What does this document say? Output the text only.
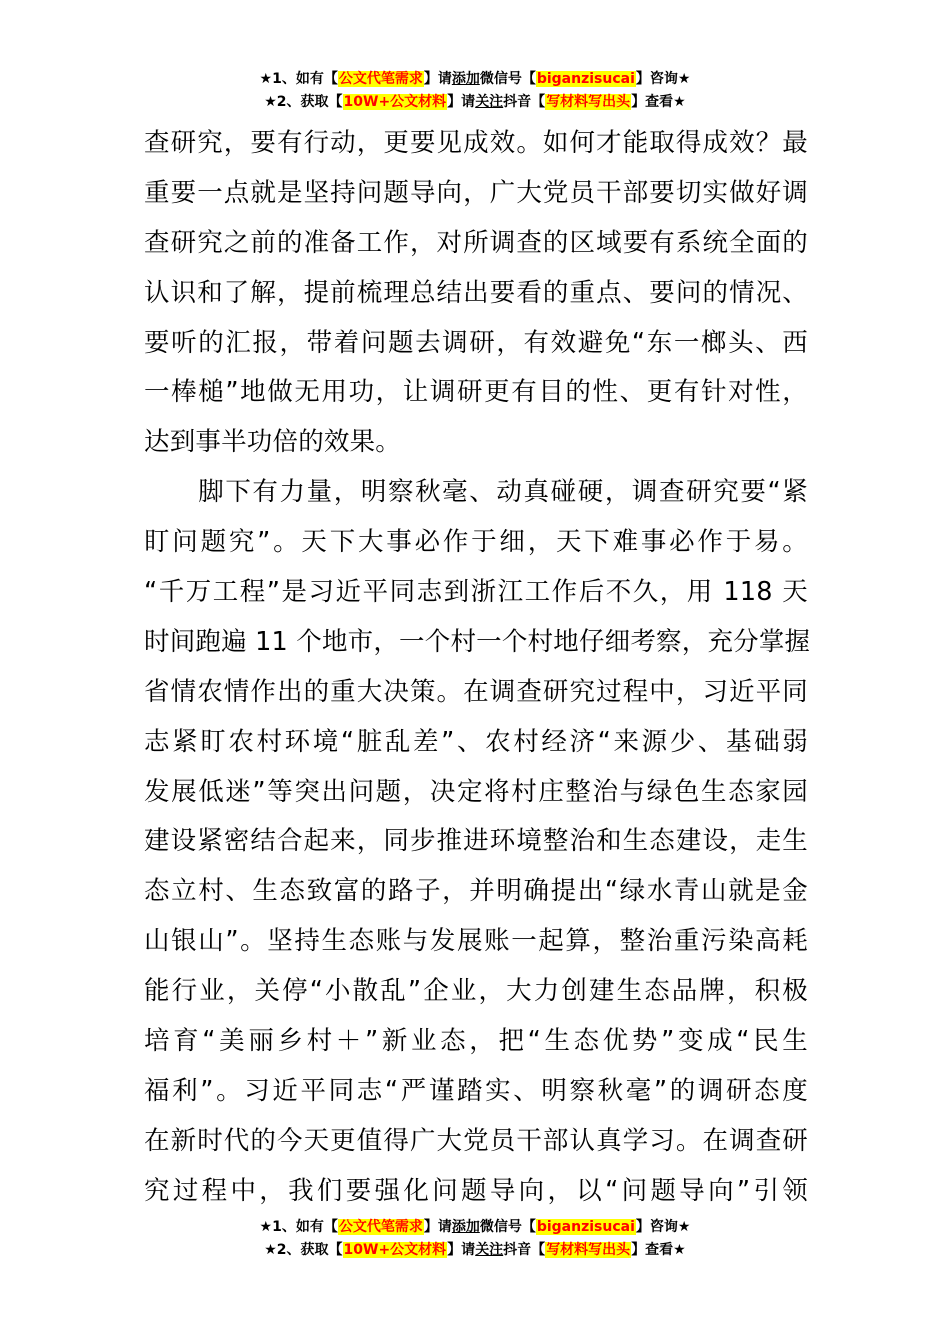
★1、如有【公文代笔需求】请添加微信号【biganzisucai】咨询★
★2、获取【10W+公文材料】请关注抖音【写材料写出头】查看★
查研究，要有行动，更要见成效。如何才能取得成效？最
重要一点就是坚持问题导向，广大党员干部要切实做好调
查研究之前的准备工作，对所调查的区域要有系统全面的
认识和了解，提前梳理总结出要看的重点、要问的情况、
要听的汇报，带着问题去调研，有效避免“东一榔头、西
一棒槌”地做无用功，让调研更有目的性、更有针对性，
达到事半功倍的效果。
　　脚下有力量，明察秋毫、动真碰硬，调查研究要“紧
盯问题究”。天下大事必作于细，天下难事必作于易。
“千万工程”是习近平同志到浙江工作后不久，用 118 天
时间跑遍 11 个地市，一个村一个村地仔细考察，充分掌握
省情农情作出的重大决策。在调查研究过程中，习近平同
志紧盯农村环境“脏乱差”、农村经济“来源少、基础弱
发展低迷”等突出问题，决定将村庄整治与绿色生态家园
建设紧密结合起来，同步推进环境整治和生态建设，走生
态立村、生态致富的路子，并明确提出“绿水青山就是金
山银山”。坚持生态账与发展账一起算，整治重污染高耗
能行业，关停“小散乱”企业，大力创建生态品牌，积极
培育“美丽乡村＋”新业态，把“生态优势”变成“民生
福利”。习近平同志“严谨踏实、明察秋毫”的调研态度
在新时代的今天更值得广大党员干部认真学习。在调查研
究过程中，我们要强化问题导向，以“问题导向”引领
★1、如有【公文代笔需求】请添加微信号【biganzisucai】咨询★
★2、获取【10W+公文材料】请关注抖音【写材料写出头】查看★
